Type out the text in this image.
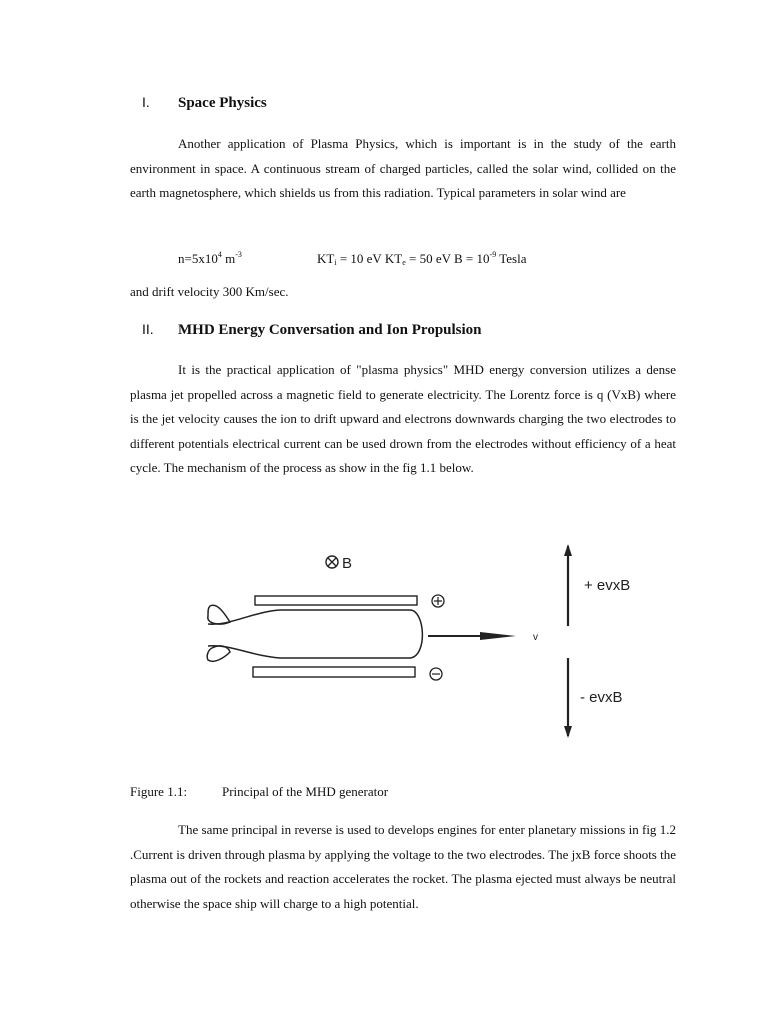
I. Space Physics

Another application of Plasma Physics, which is important is in the study of the earth environment in space. A continuous stream of charged particles, called the solar wind, collided on the earth magnetosphere, which shields us from this radiation. Typical parameters in solar wind are

$n=5x10^4$ $m^{-3}$	$KT_i = 10$ eV $KT_e = 50$ eV $B = 10^{-9}$ Tesla
and drift velocity 300 Km/sec.
II. MHD Energy Conversation and Ion Propulsion

It is the practical application of "plasma physics" MHD energy conversion utilizes a dense plasma jet propelled across a magnetic field to generate electricity. The Lorentz force is q (VxB) where is the jet velocity causes the ion to drift upward and electrons downwards charging the two electrodes to different potentials electrical current can be used drown from the electrodes without efficiency of a heat cycle. The mechanism of the process as show in the fig 1.1 below.

B
v
+ evxB
- evxB
Figure 1.1:	Principal of the MHD generator

The same principal in reverse is used to develops engines for enter planetary missions in fig 1.2 .Current is driven through plasma by applying the voltage to the two electrodes. The jxB force shoots the plasma out of the rockets and reaction accelerates the rocket. The plasma ejected must always be neutral otherwise the space ship will charge to a high potential.
